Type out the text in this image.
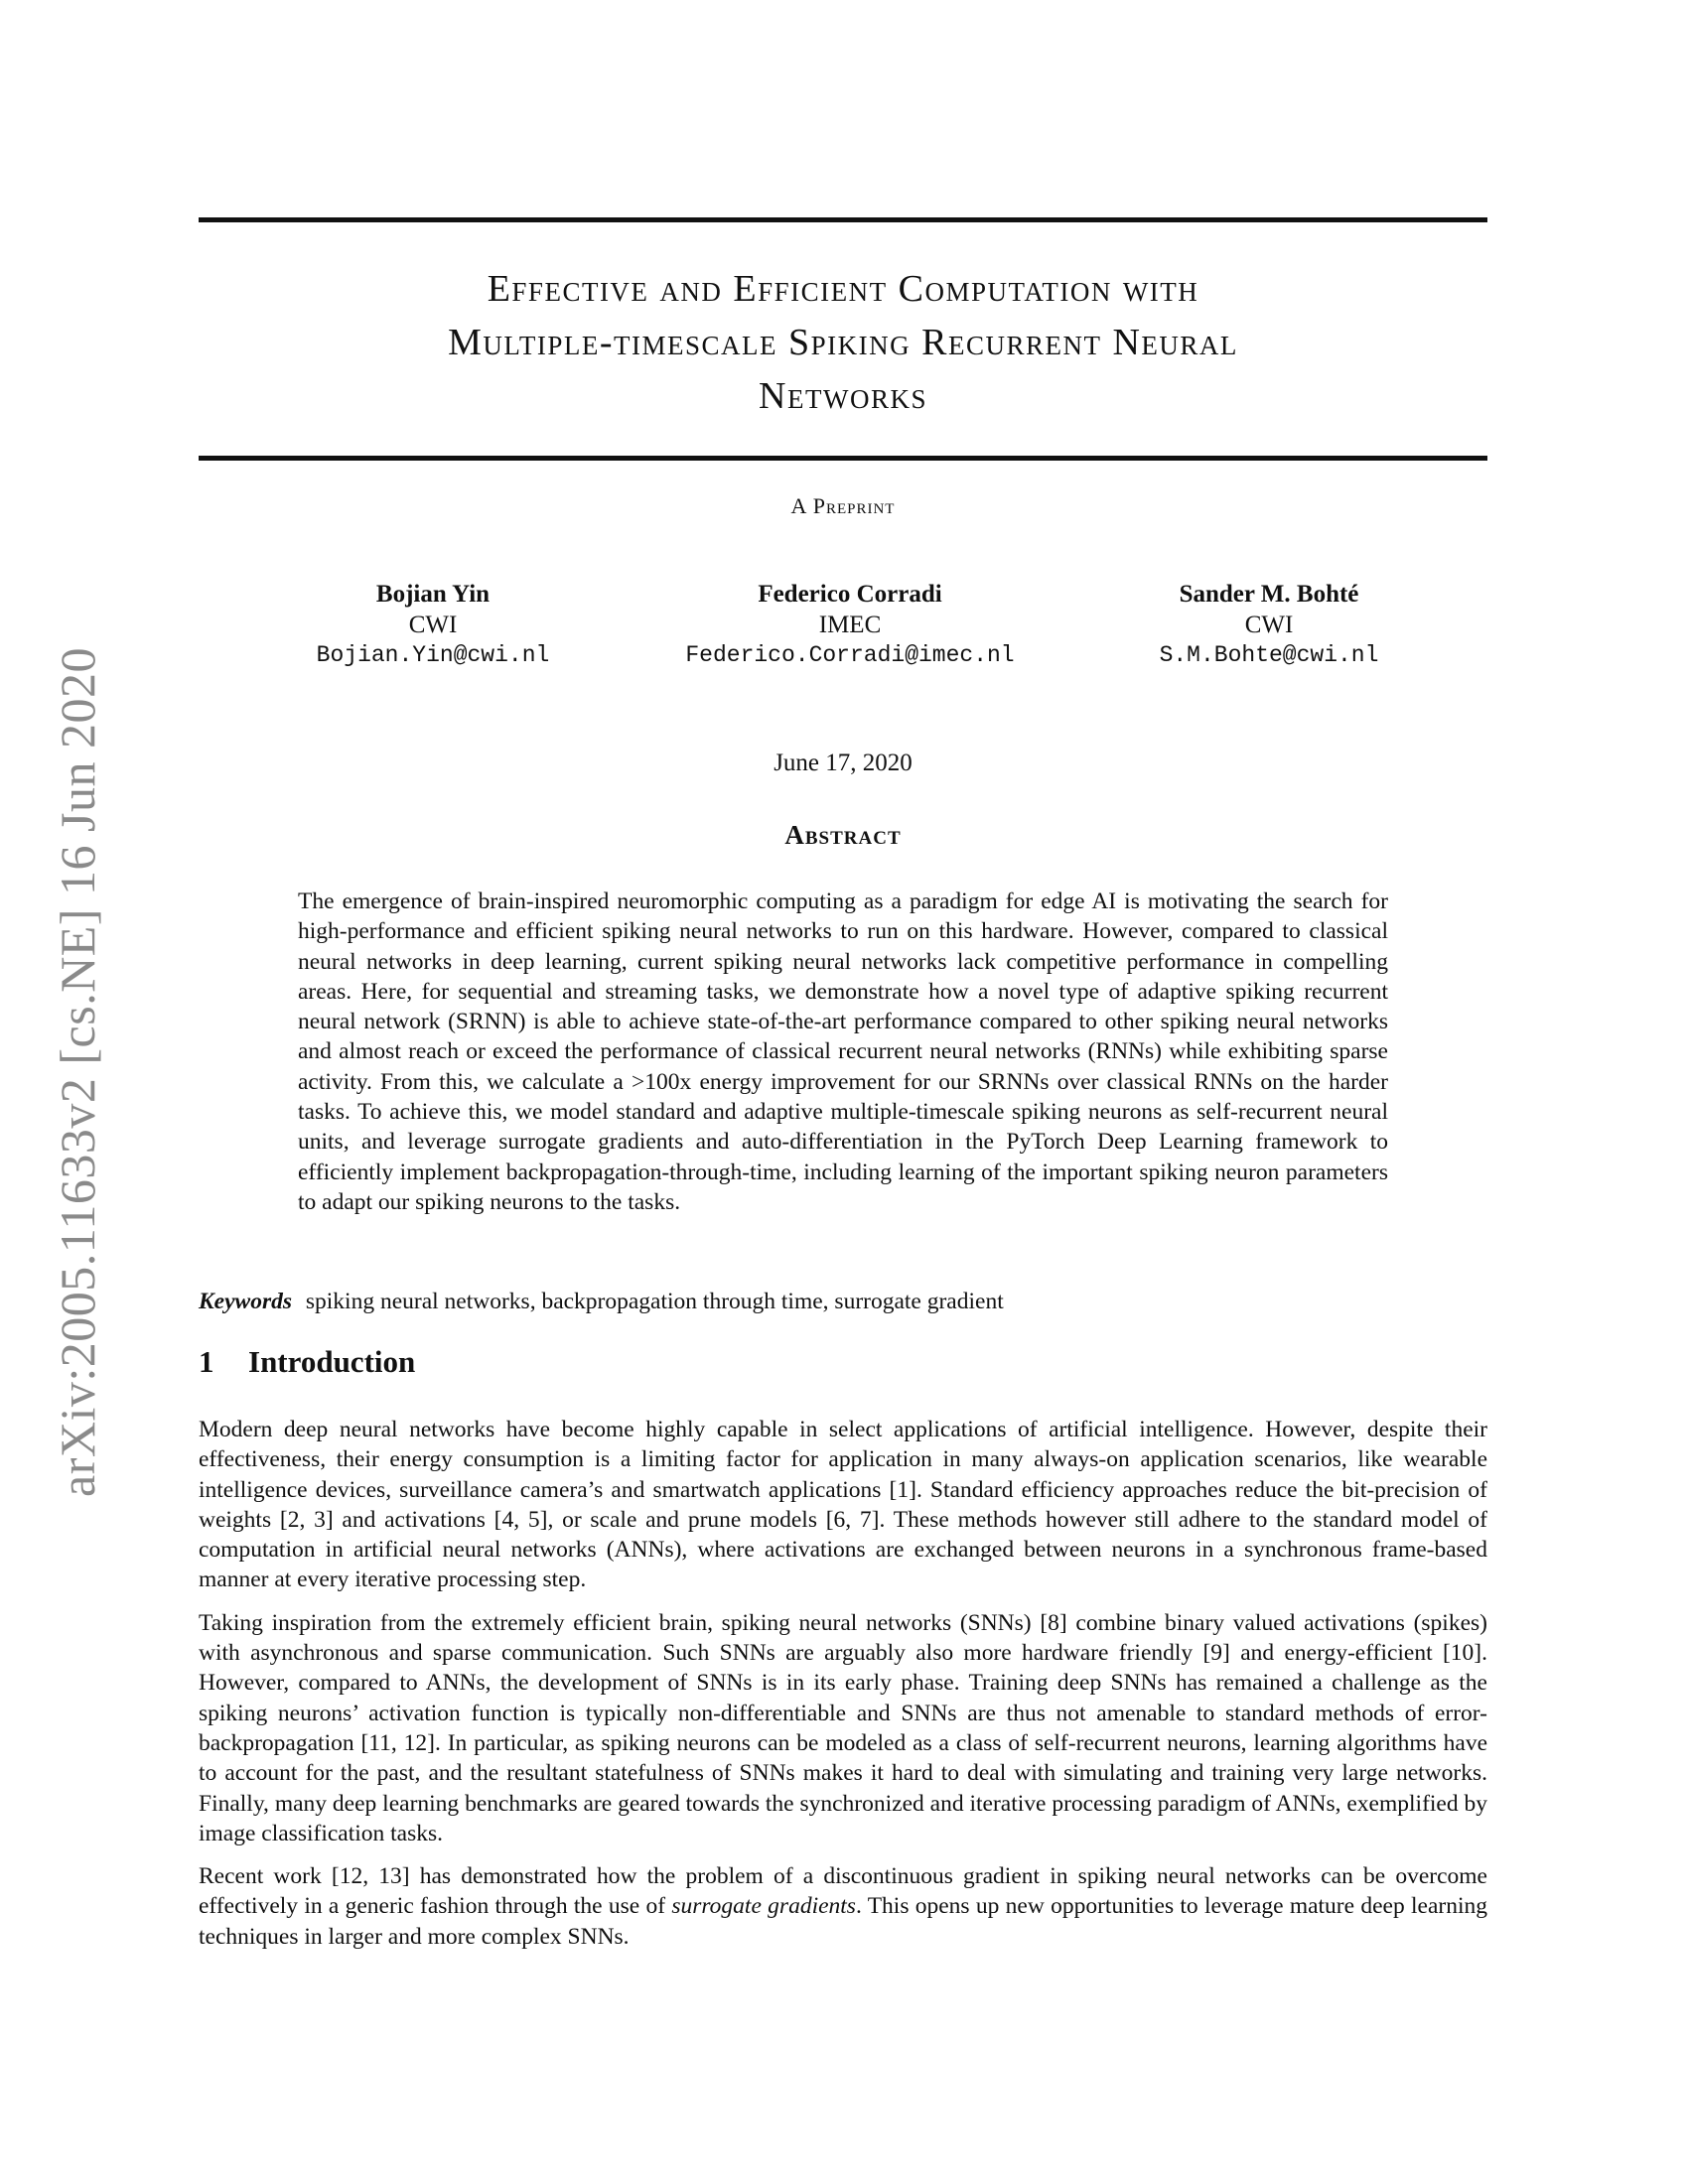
arXiv:2005.11633v2 [cs.NE] 16 Jun 2020
Effective and Efficient Computation with
Multiple-timescale Spiking Recurrent Neural
Networks
A Preprint
Bojian Yin
CWI
Bojian.Yin@cwi.nl
Federico Corradi
IMEC
Federico.Corradi@imec.nl
Sander M. Bohté
CWI
S.M.Bohte@cwi.nl
June 17, 2020
Abstract

The emergence of brain-inspired neuromorphic computing as a paradigm for edge AI is motivating the search for high-performance and efficient spiking neural networks to run on this hardware. However, compared to classical neural networks in deep learning, current spiking neural networks lack competitive performance in compelling areas. Here, for sequential and streaming tasks, we demonstrate how a novel type of adaptive spiking recurrent neural network (SRNN) is able to achieve state-of-the-art performance compared to other spiking neural networks and almost reach or exceed the performance of classical recurrent neural networks (RNNs) while exhibiting sparse activity. From this, we calculate a >100x energy improvement for our SRNNs over classical RNNs on the harder tasks. To achieve this, we model standard and adaptive multiple-timescale spiking neurons as self-recurrent neural units, and leverage surrogate gradients and auto-differentiation in the PyTorch Deep Learning framework to efficiently implement backpropagation-through-time, including learning of the important spiking neuron parameters to adapt our spiking neurons to the tasks.

Keywords spiking neural networks, backpropagation through time, surrogate gradient
1 Introduction

Modern deep neural networks have become highly capable in select applications of artificial intelligence. However, despite their effectiveness, their energy consumption is a limiting factor for application in many always-on application scenarios, like wearable intelligence devices, surveillance camera’s and smartwatch applications [1]. Standard efficiency approaches reduce the bit-precision of weights [2, 3] and activations [4, 5], or scale and prune models [6, 7]. These methods however still adhere to the standard model of computation in artificial neural networks (ANNs), where activations are exchanged between neurons in a synchronous frame-based manner at every iterative processing step.

Taking inspiration from the extremely efficient brain, spiking neural networks (SNNs) [8] combine binary valued activations (spikes) with asynchronous and sparse communication. Such SNNs are arguably also more hardware friendly [9] and energy-efficient [10]. However, compared to ANNs, the development of SNNs is in its early phase. Training deep SNNs has remained a challenge as the spiking neurons’ activation function is typically non-differentiable and SNNs are thus not amenable to standard methods of error-backpropagation [11, 12]. In particular, as spiking neurons can be modeled as a class of self-recurrent neurons, learning algorithms have to account for the past, and the resultant statefulness of SNNs makes it hard to deal with simulating and training very large networks. Finally, many deep learning benchmarks are geared towards the synchronized and iterative processing paradigm of ANNs, exemplified by image classification tasks.

Recent work [12, 13] has demonstrated how the problem of a discontinuous gradient in spiking neural networks can be overcome effectively in a generic fashion through the use of surrogate gradients. This opens up new opportunities to leverage mature deep learning techniques in larger and more complex SNNs.
